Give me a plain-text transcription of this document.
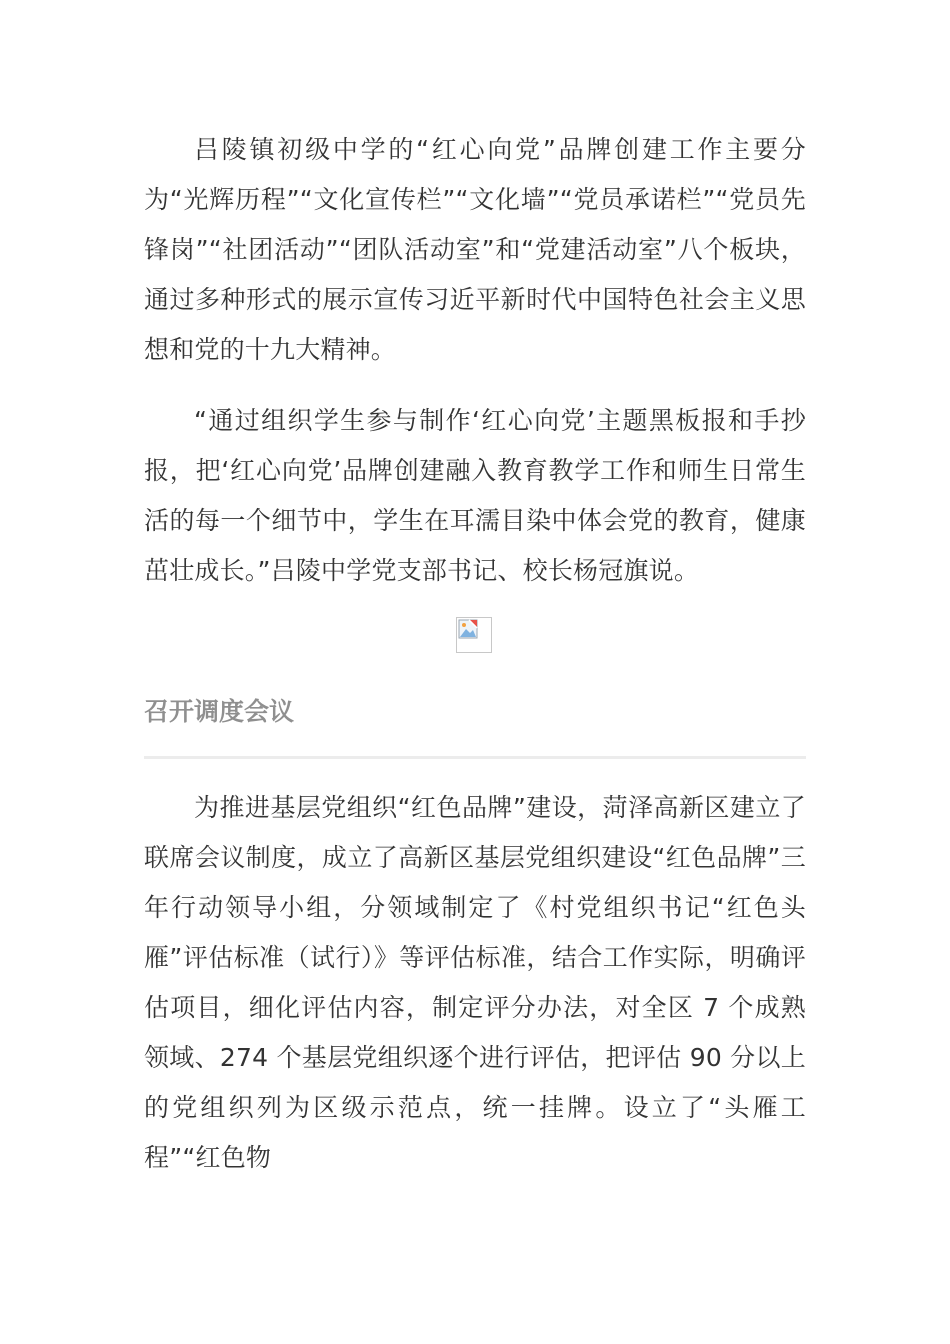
吕陵镇初级中学的“红心向党”品牌创建工作主要分为“光辉历程”“文化宣传栏”“文化墙”“党员承诺栏”“党员先锋岗”“社团活动”“团队活动室”和“党建活动室”八个板块，通过多种形式的展示宣传习近平新时代中国特色社会主义思想和党的十九大精神。

“通过组织学生参与制作‘红心向党’主题黑板报和手抄报，把‘红心向党’品牌创建融入教育教学工作和师生日常生活的每一个细节中，学生在耳濡目染中体会党的教育，健康茁壮成长。”吕陵中学党支部书记、校长杨冠旗说。

召开调度会议

为推进基层党组织“红色品牌”建设，菏泽高新区建立了联席会议制度，成立了高新区基层党组织建设“红色品牌”三年行动领导小组，分领域制定了《村党组织书记“红色头雁”评估标准（试行）》等评估标准，结合工作实际，明确评估项目，细化评估内容，制定评分办法，对全区 7 个成熟领域、274 个基层党组织逐个进行评估，把评估 90 分以上的党组织列为区级示范点，统一挂牌。设立了“头雁工程”“红色物
